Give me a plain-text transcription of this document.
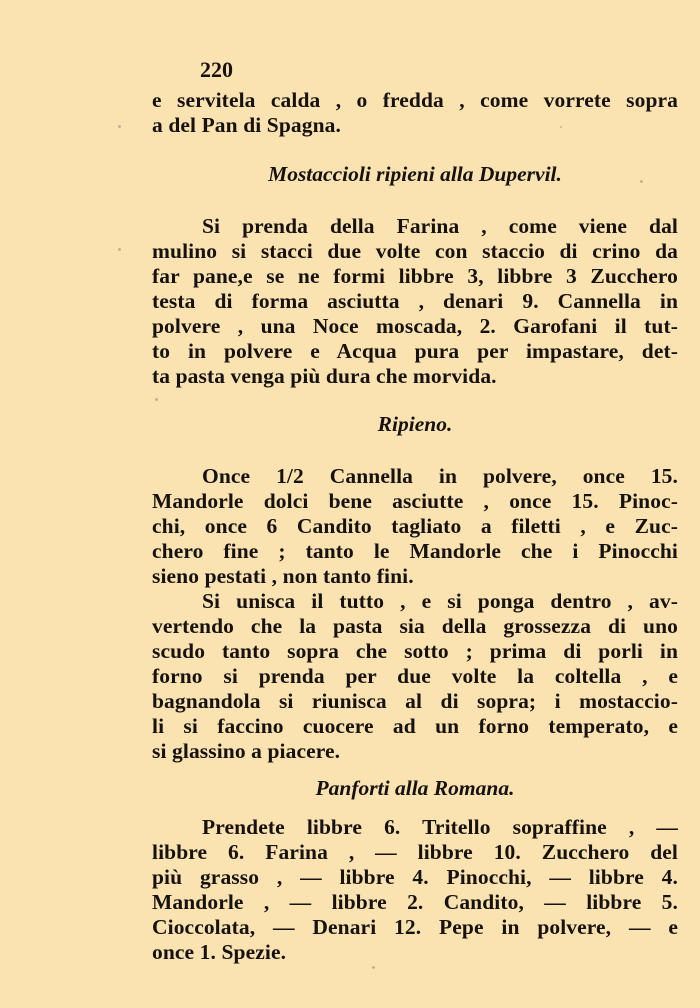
220
e servitela calda , o fredda , come vorrete sopra
a del Pan di Spagna.
Mostaccioli ripieni alla Dupervil.
Si prenda della Farina , come viene dal
mulino si stacci due volte con staccio di crino da
far pane,e se ne formi libbre 3, libbre 3 Zucchero
testa di forma asciutta , denari 9. Cannella in
polvere , una Noce moscada, 2. Garofani il tut-
to in polvere e Acqua pura per impastare, det-
ta pasta venga più dura che morvida.
Ripieno.
Once 1/2 Cannella in polvere, once 15.
Mandorle dolci bene asciutte , once 15. Pinoc-
chi, once 6 Candito tagliato a filetti , e Zuc-
chero fine ; tanto le Mandorle che i Pinocchi
sieno pestati , non tanto fini.
Si unisca il tutto , e si ponga dentro , av-
vertendo che la pasta sia della grossezza di uno
scudo tanto sopra che sotto ; prima di porli in
forno si prenda per due volte la coltella , e
bagnandola si riunisca al di sopra; i mostaccio-
li si faccino cuocere ad un forno temperato, e
si glassino a piacere.
Panforti alla Romana.
Prendete libbre 6. Tritello sopraffine , —
libbre 6. Farina , — libbre 10. Zucchero del
più grasso , — libbre 4. Pinocchi, — libbre 4.
Mandorle , — libbre 2. Candito, — libbre 5.
Cioccolata, — Denari 12. Pepe in polvere, — e
once 1. Spezie.
